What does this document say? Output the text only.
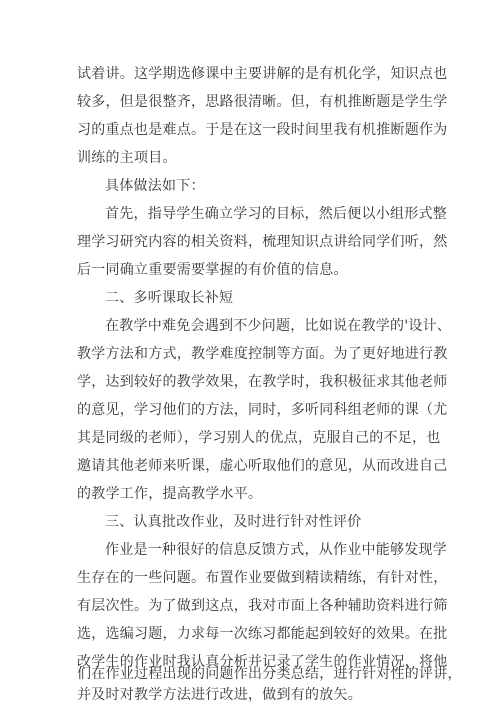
试着讲。这学期选修课中主要讲解的是有机化学，知识点也
较多，但是很整齐，思路很清晰。但，有机推断题是学生学
习的重点也是难点。于是在这一段时间里我有机推断题作为
训练的主项目。
具体做法如下：
首先，指导学生确立学习的目标，然后便以小组形式整
理学习研究内容的相关资料，梳理知识点讲给同学们听，然
后一同确立重要需要掌握的有价值的信息。
二、多听课取长补短
在教学中难免会遇到不少问题，比如说在教学的'设计、
教学方法和方式，教学难度控制等方面。为了更好地进行教
学，达到较好的教学效果，在教学时，我积极征求其他老师
的意见，学习他们的方法，同时，多听同科组老师的课（尤
其是同级的老师），学习别人的优点，克服自己的不足，也
邀请其他老师来听课，虚心听取他们的意见，从而改进自己
的教学工作，提高教学水平。
三、认真批改作业，及时进行针对性评价
作业是一种很好的信息反馈方式，从作业中能够发现学
生存在的一些问题。布置作业要做到精读精练，有针对性，
有层次性。为了做到这点，我对市面上各种辅助资料进行筛
选，选编习题，力求每一次练习都能起到较好的效果。在批
改学生的作业时我认真分析并记录了学生的作业情况，将他
们在作业过程出现的问题作出分类总结，进行针对性的评讲，
并及时对教学方法进行改进，做到有的放矢。
